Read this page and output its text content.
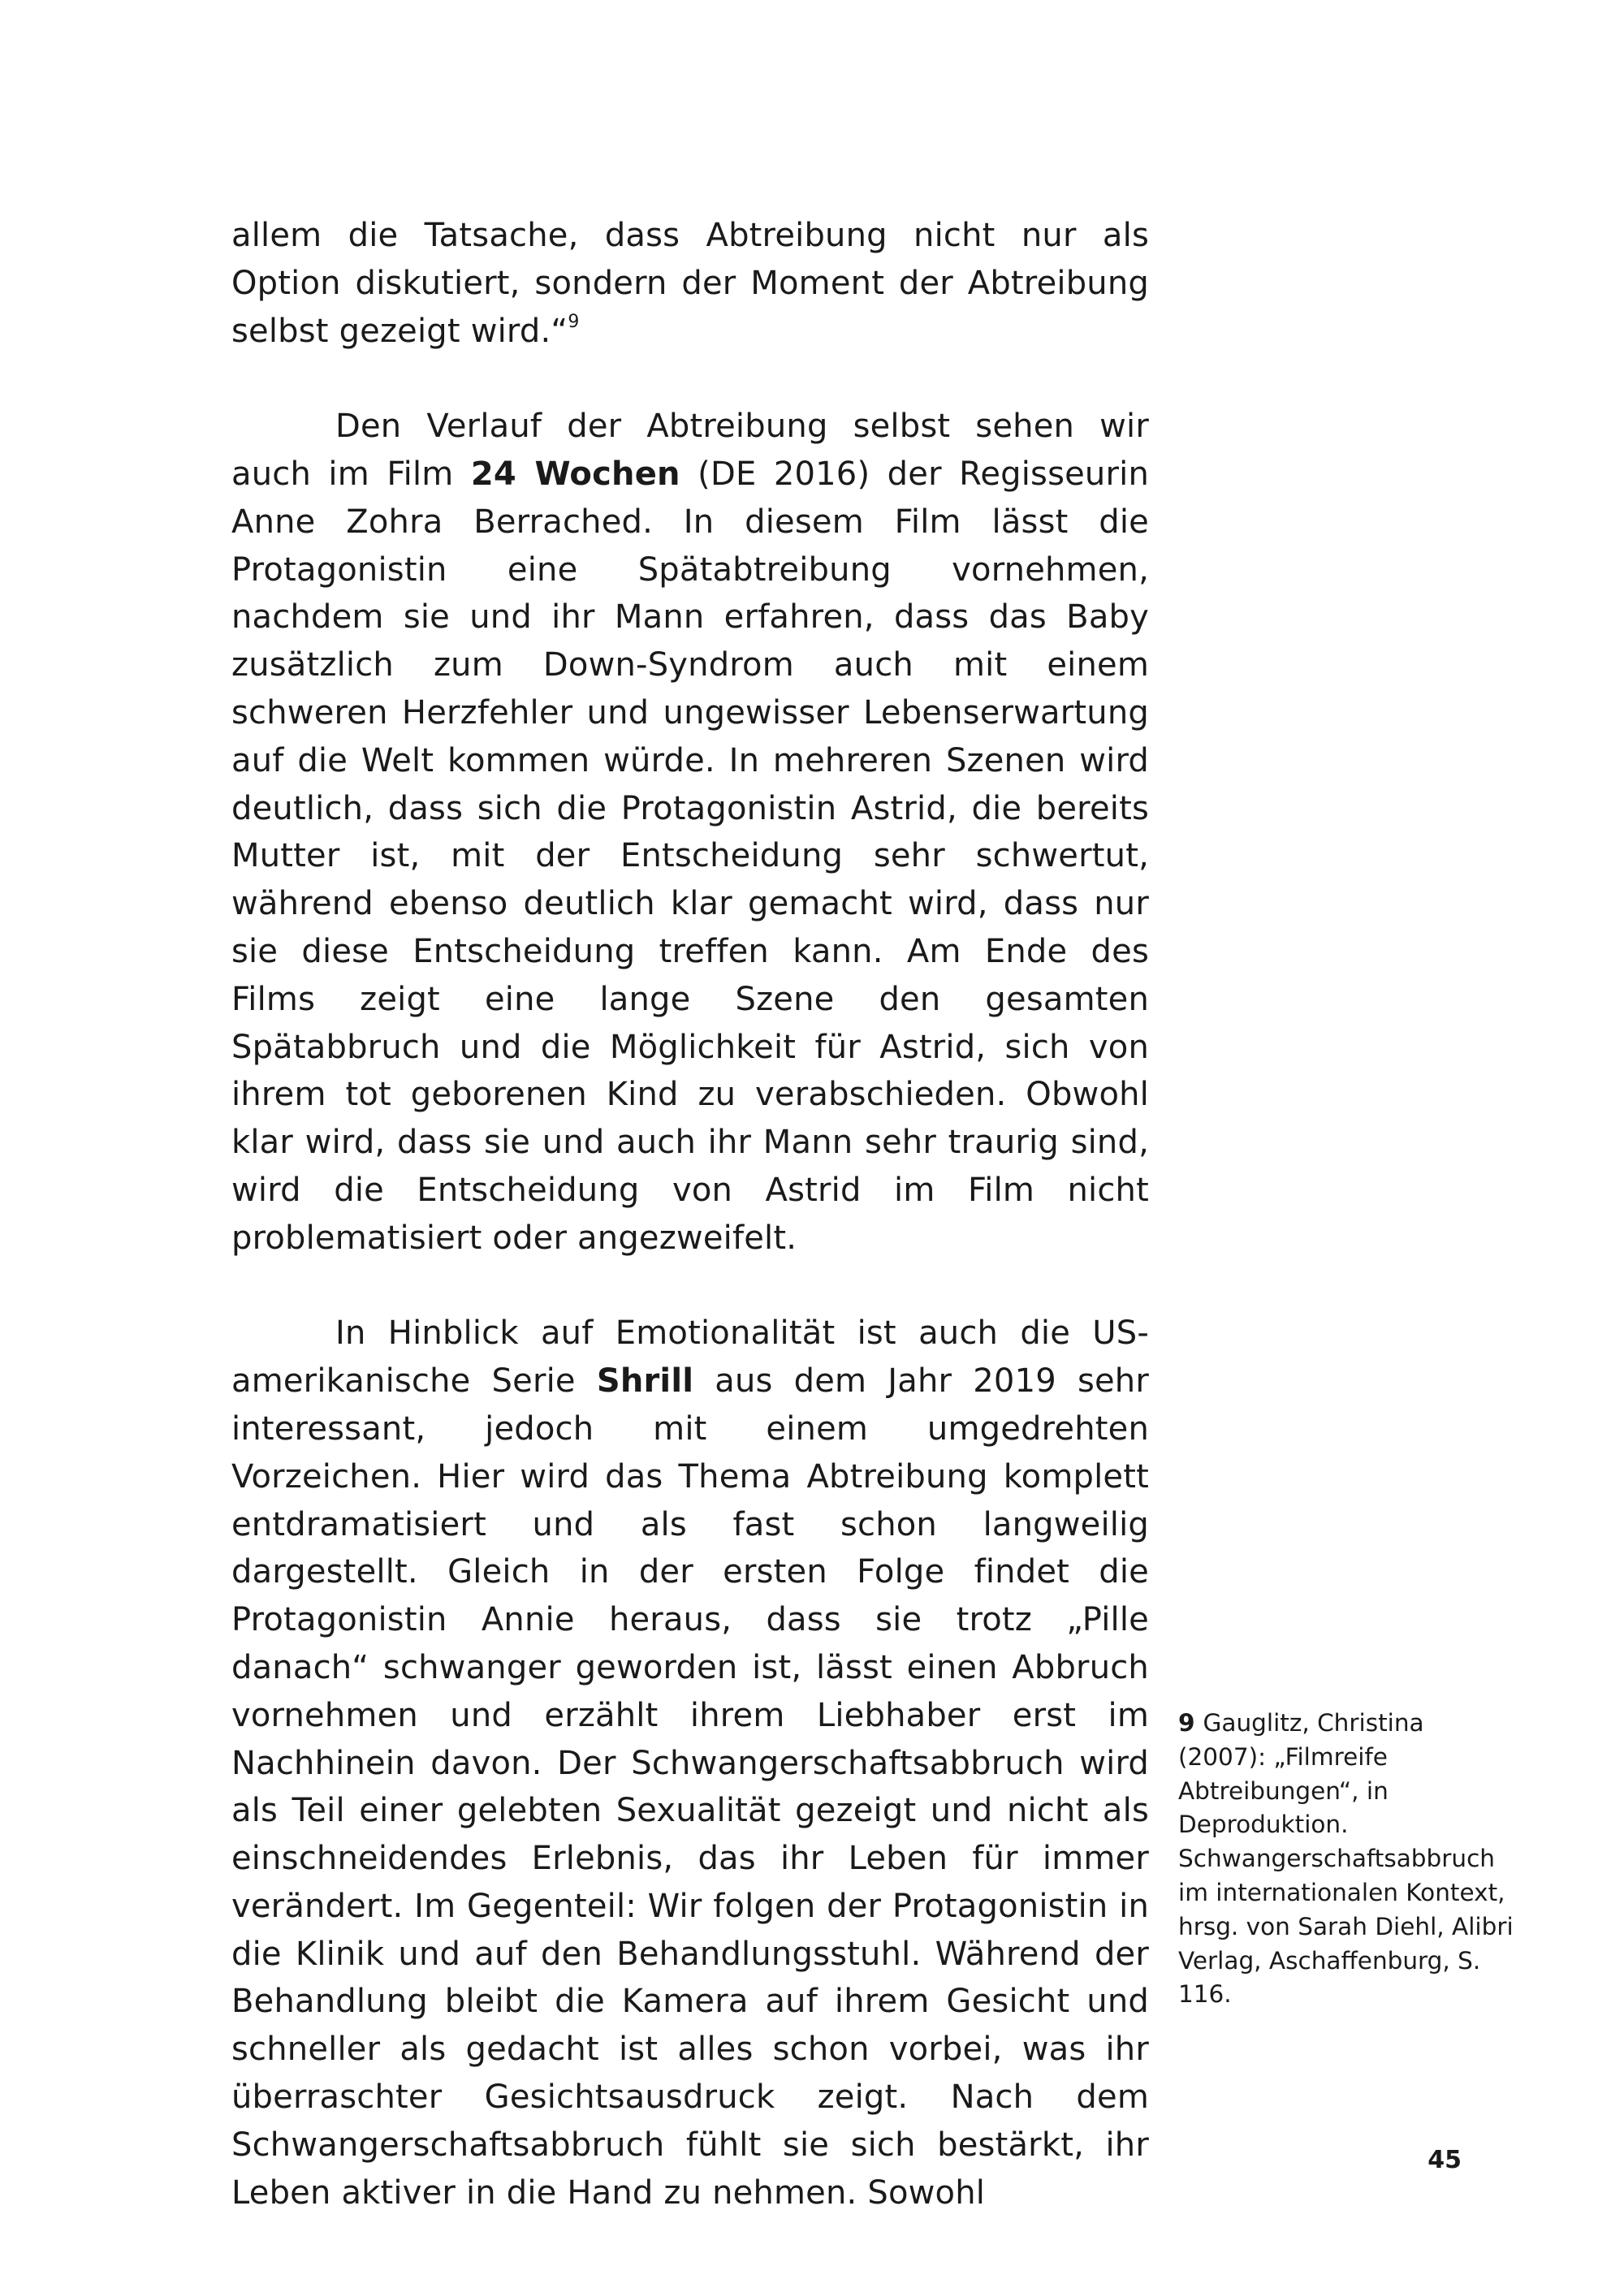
allem die Tatsache, dass Abtreibung nicht nur als Option diskutiert, sondern der Moment der Abtreibung selbst gezeigt wird.“$^9$

Den Verlauf der Abtreibung selbst sehen wir auch im Film 24 Wochen (DE 2016) der Regisseurin Anne Zohra Berrached. In diesem Film lässt die Protagonistin eine Spätabtreibung vornehmen, nachdem sie und ihr Mann erfahren, dass das Baby zusätzlich zum Down-Syndrom auch mit einem schweren Herzfehler und ungewisser Lebenserwartung auf die Welt kommen würde. In mehreren Szenen wird deutlich, dass sich die Protagonistin Astrid, die bereits Mutter ist, mit der Entscheidung sehr schwertut, während ebenso deutlich klar gemacht wird, dass nur sie diese Entscheidung treffen kann. Am Ende des Films zeigt eine lange Szene den gesamten Spätabbruch und die Möglichkeit für Astrid, sich von ihrem tot geborenen Kind zu verabschieden. Obwohl klar wird, dass sie und auch ihr Mann sehr traurig sind, wird die Entscheidung von Astrid im Film nicht problematisiert oder angezweifelt.

In Hinblick auf Emotionalität ist auch die US-amerikanische Serie Shrill aus dem Jahr 2019 sehr interessant, jedoch mit einem umgedrehten Vorzeichen. Hier wird das Thema Abtreibung komplett entdramatisiert und als fast schon langweilig dargestellt. Gleich in der ersten Folge findet die Protagonistin Annie heraus, dass sie trotz „Pille danach“ schwanger geworden ist, lässt einen Abbruch vornehmen und erzählt ihrem Liebhaber erst im Nachhinein davon. Der Schwangerschaftsabbruch wird als Teil einer gelebten Sexualität gezeigt und nicht als einschneidendes Erlebnis, das ihr Leben für immer verändert. Im Gegenteil: Wir folgen der Protagonistin in die Klinik und auf den Behandlungsstuhl. Während der Behandlung bleibt die Kamera auf ihrem Gesicht und schneller als gedacht ist alles schon vorbei, was ihr überraschter Gesichtsausdruck zeigt. Nach dem Schwangerschaftsabbruch fühlt sie sich bestärkt, ihr Leben aktiver in die Hand zu nehmen. Sowohl

9 Gauglitz, Christina (2007): „Filmreife Abtreibungen“, in Deproduktion. Schwangerschaftsabbruch im internationalen Kontext, hrsg. von Sarah Diehl, Alibri Verlag, Aschaffenburg, S. 116.
45
